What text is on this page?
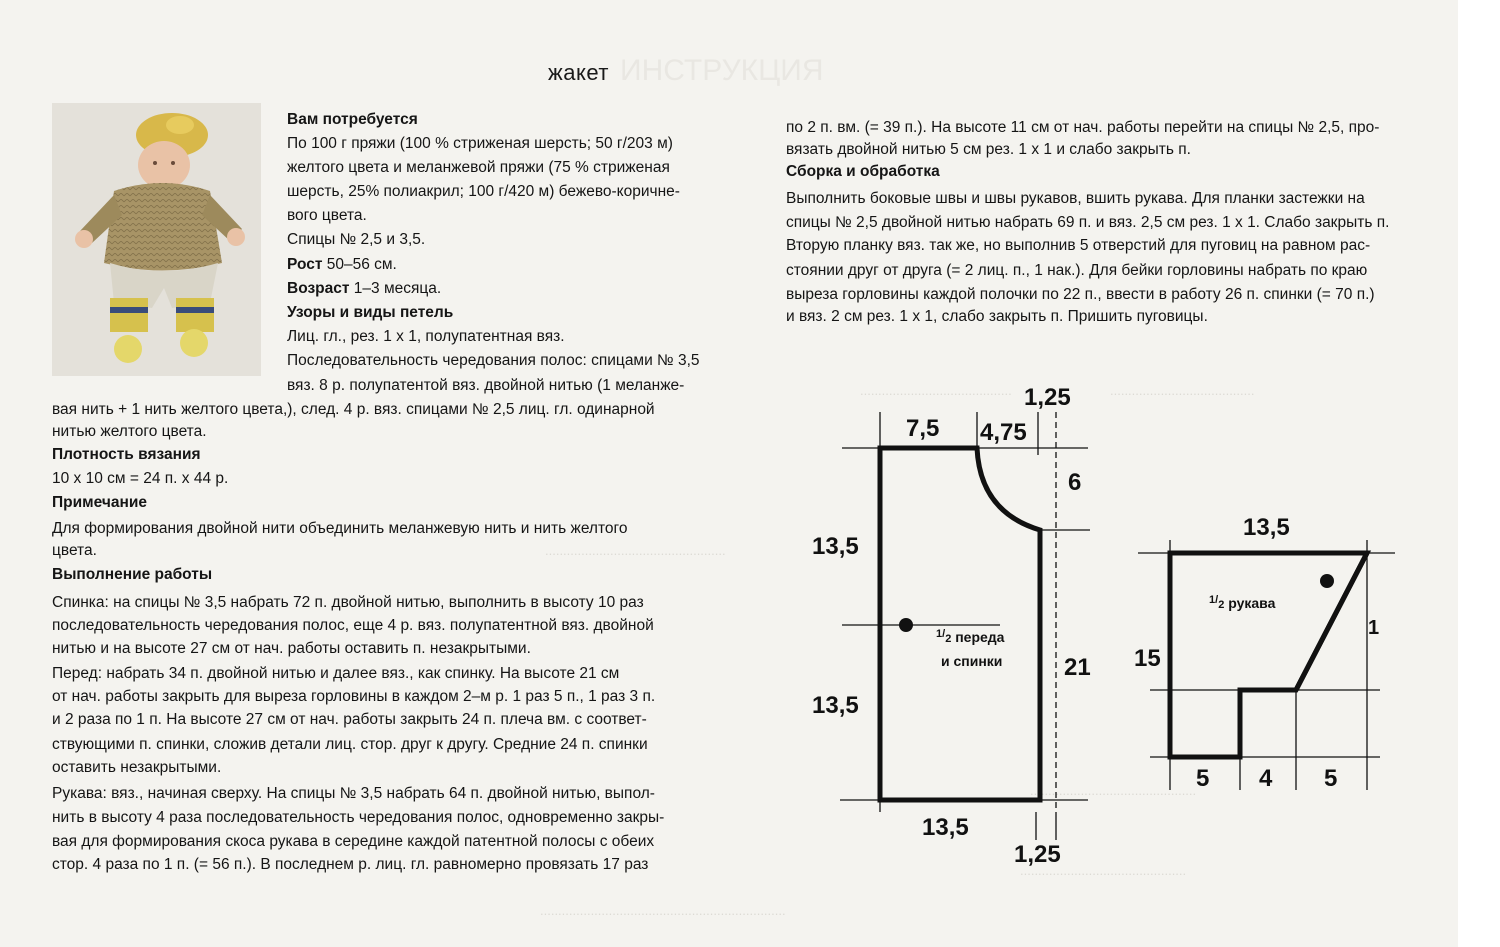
ИНСТРУКЦИЯ
..........................................
..................................................
........................................
..............................................
....................................................................
..............................................
жакет
Вам потребуется
По 100 г пряжи (100 % стриженая шерсть; 50 г/203 м)
желтого цвета и меланжевой пряжи (75 % стриженая
шерсть, 25% полиакрил; 100 г/420 м) бежево-коричне-
вого цвета.
Спицы № 2,5 и 3,5.
Рост 50–56 см.
Возраст 1–3 месяца.
Узоры и виды петель
Лиц. гл., рез. 1 х 1, полупатентная вяз.
Последовательность чередования полос: спицами № 3,5
вяз. 8 р. полупатентой вяз. двойной нитью (1 меланже-
вая нить + 1 нить желтого цвета,), след. 4 р. вяз. спицами № 2,5 лиц. гл. одинарной
нитью желтого цвета.
Плотность вязания
10 х 10 см = 24 п. х 44 р.
Примечание
Для формирования двойной нити объединить меланжевую нить и нить желтого
цвета.
Выполнение работы
Спинка: на спицы № 3,5 набрать 72 п. двойной нитью, выполнить в высоту 10 раз
последовательность чередования полос, еще 4 р. вяз. полупатентной вяз. двойной
нитью и на высоте 27 см от нач. работы оставить п. незакрытыми.
Перед: набрать 34 п. двойной нитью и далее вяз., как спинку. На высоте 21 см
от нач. работы закрыть для выреза горловины в каждом 2–м р. 1 раз 5 п., 1 раз 3 п.
и 2 раза по 1 п. На высоте 27 см от нач. работы закрыть 24 п. плеча вм. с соответ-
ствующими п. спинки, сложив детали лиц. стор. друг к другу. Средние 24 п. спинки
оставить незакрытыми.
Рукава: вяз., начиная сверху. На спицы № 3,5 набрать 64 п. двойной нитью, выпол-
нить в высоту 4 раза последовательность чередования полос, одновременно закры-
вая для формирования скоса рукава в середине каждой патентной полосы с обеих
стор. 4 раза по 1 п. (= 56 п.). В последнем р. лиц. гл. равномерно провязать 17 раз
по 2 п. вм. (= 39 п.). На высоте 11 см от нач. работы перейти на спицы № 2,5, про-
вязать двойной нитью 5 см рез. 1 х 1 и слабо закрыть п.
Сборка и обработка
Выполнить боковые швы и швы рукавов, вшить рукава. Для планки застежки на
спицы № 2,5 двойной нитью набрать 69 п. и вяз. 2,5 см рез. 1 х 1. Слабо закрыть п.
Вторую планку вяз. так же, но выполнив 5 отверстий для пуговиц на равном рас-
стоянии друг от друга (= 2 лиц. п., 1 нак.). Для бейки горловины набрать по краю
выреза горловины каждой полочки по 22 п., ввести в работу 26 п. спинки (= 70 п.)
и вяз. 2 см рез. 1 х 1, слабо закрыть п. Пришить пуговицы.
7,5 4,75
1,25
6
13,5
13,5
21
13,5
1,25
$^{1/}_2$ переда
и спинки
13,5
15
1
5 4 5
$^{1/}_2$ рукава
